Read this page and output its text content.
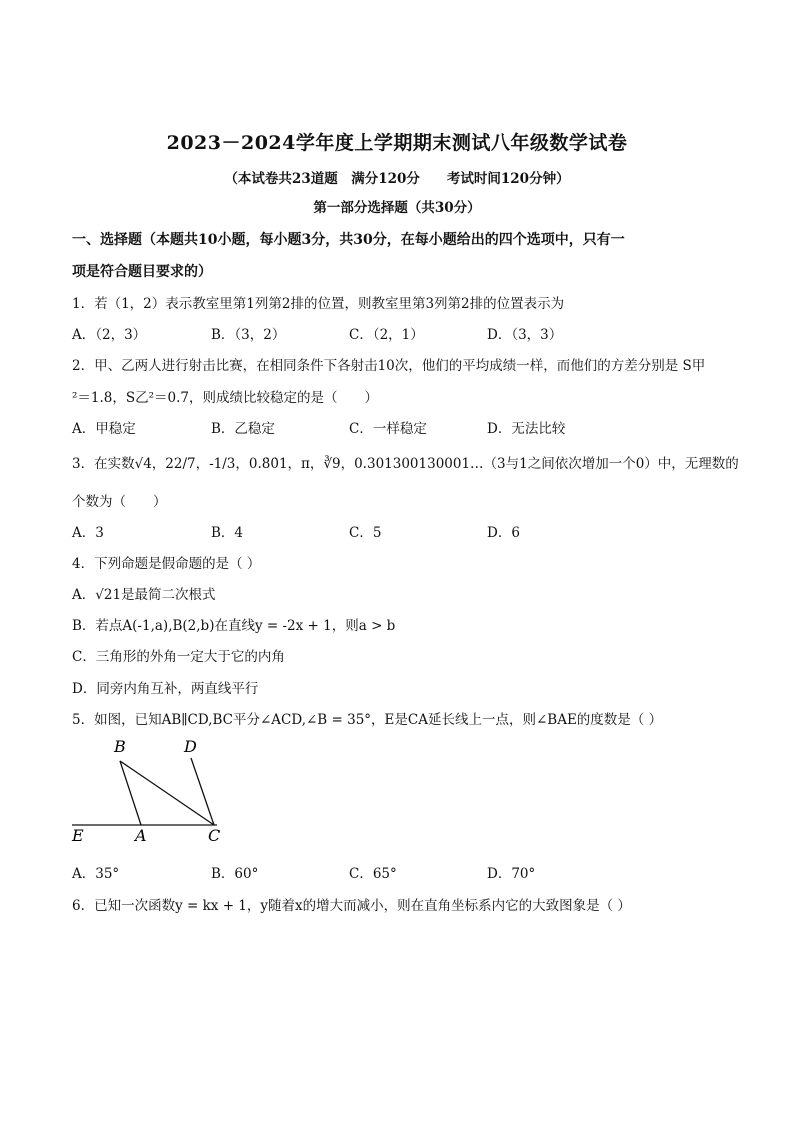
2023－2024学年度上学期期末测试八年级数学试卷
（本试卷共23道题　满分120分　　考试时间120分钟）
第一部分选择题（共30分）
一、选择题（本题共10小题，每小题3分，共30分，在每小题给出的四个选项中，只有一
项是符合题目要求的）
1．若（1，2）表示教室里第1列第2排的位置，则教室里第3列第2排的位置表示为
A．（2，3）	B．（3，2）	C．（2，1）	D．（3，3）
2．甲、乙两人进行射击比赛，在相同条件下各射击10次，他们的平均成绩一样，而他们的方差分别是 S甲
²＝1.8，S乙²＝0.7，则成绩比较稳定的是（　　）
A．甲稳定	B．乙稳定	C．一样稳定	D．无法比较
3．在实数√4，22/7，-1/3，0.8̇0̇1，π，∛9，0.301300130001…（3与1之间依次增加一个0）中，无理数的
个数为（　　）
A．3	B．4	C．5	D．6
4．下列命题是假命题的是（ ）
A．√21是最简二次根式
B．若点A(-1,a),B(2,b)在直线y = -2x + 1，则a > b
C．三角形的外角一定大于它的内角
D．同旁内角互补，两直线平行
5．如图，已知AB∥CD,BC平分∠ACD,∠B = 35°，E是CA延长线上一点，则∠BAE的度数是（ ）
B	D
E	A	C
A．35°	B．60°	C．65°	D．70°
6．已知一次函数y = kx + 1，y随着x的增大而减小，则在直角坐标系内它的大致图象是（ ）
